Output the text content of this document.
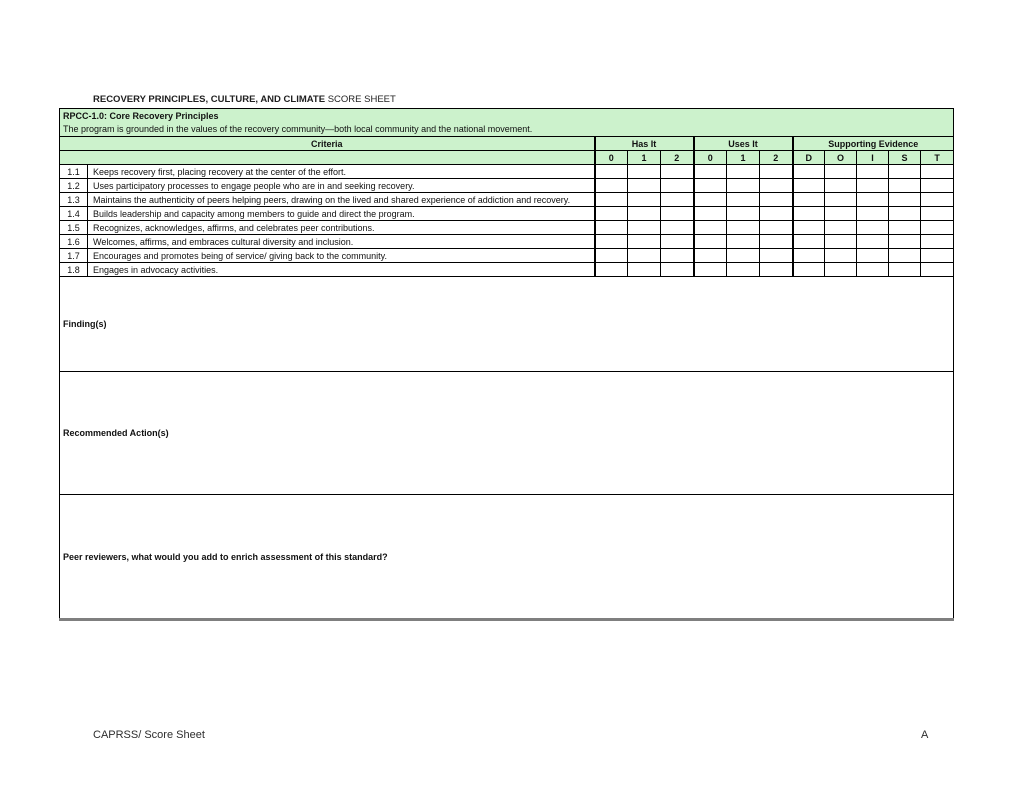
RECOVERY PRINCIPLES, CULTURE, AND CLIMATE SCORE SHEET
RPCC-1.0: Core Recovery Principles
The program is grounded in the values of the recovery community—both local community and the national movement.												

Criteria		Has It			Uses It			Supporting Evidence				
		0	1	2	0	1	2	D	O	I	S	T
1.1	Keeps recovery first, placing recovery at the center of the effort.											
1.2	Uses participatory processes to engage people who are in and seeking recovery.											
1.3	Maintains the authenticity of peers helping peers, drawing on the lived and shared experience of addiction and recovery.											
1.4	Builds leadership and capacity among members to guide and direct the program.											
1.5	Recognizes, acknowledges, affirms, and celebrates peer contributions.											
1.6	Welcomes, affirms, and embraces cultural diversity and inclusion.											
1.7	Encourages and promotes being of service/ giving back to the community.											
1.8	Engages in advocacy activities.											
Finding(s)												
Recommended Action(s)												
Peer reviewers, what would you add to enrich assessment of this standard?												
CAPRSS/ Score Sheet	A
